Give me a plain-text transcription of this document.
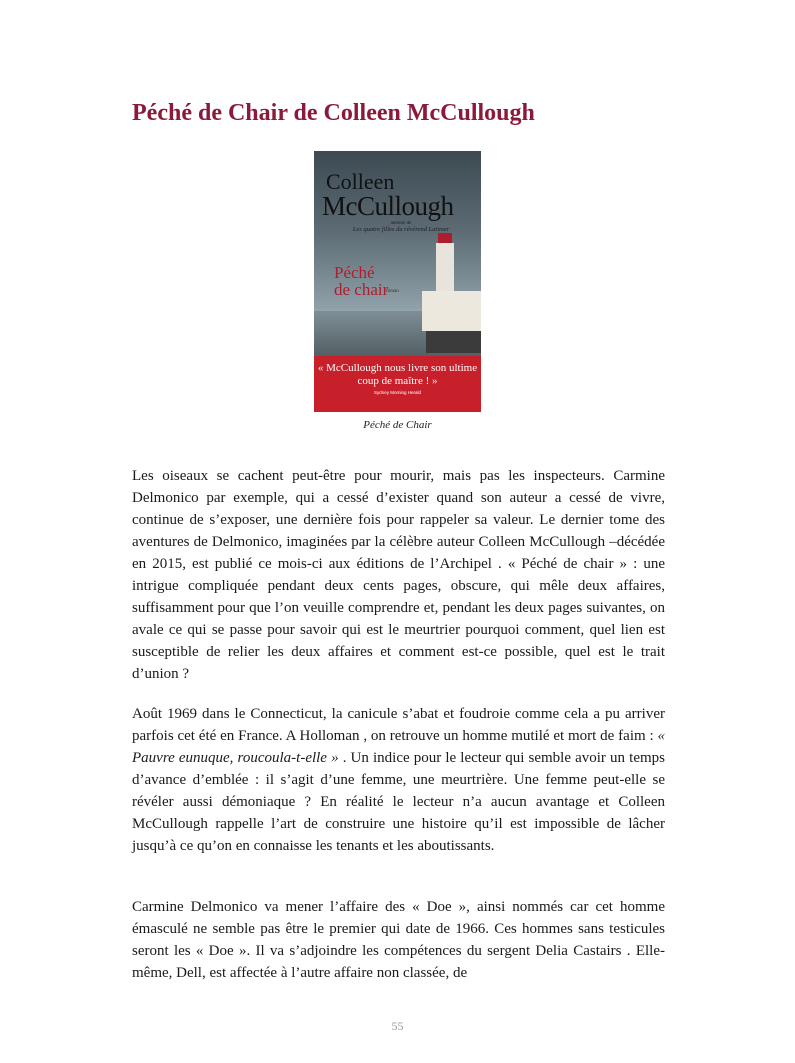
Péché de Chair de Colleen McCullough
Colleen
McCullough
auteure de
Les quatre filles du révérend Latimer
Péché
de chair
roman
« McCullough nous livre son ultime coup de maître ! »
Sydney Morning Herald
Péché de Chair

Les oiseaux se cachent peut-être pour mourir, mais pas les inspecteurs. Carmine Delmonico par exemple, qui a cessé d’exister quand son auteur a cessé de vivre, continue de s’exposer, une dernière fois pour rappeler sa valeur. Le dernier tome des aventures de Delmonico, imaginées par la célèbre auteur Colleen McCullough –décédée en 2015, est publié ce mois-ci aux éditions de l’Archipel . « Péché de chair » : une intrigue compliquée pendant deux cents pages, obscure, qui mêle deux affaires, suffisamment pour que l’on veuille comprendre et, pendant les deux pages suivantes, on avale ce qui se passe pour savoir qui est le meurtrier pourquoi comment, quel lien est susceptible de relier les deux affaires et comment est-ce possible, quel est le trait d’union ?

Août 1969 dans le Connecticut, la canicule s’abat et foudroie comme cela a pu arriver parfois cet été en France. A Holloman , on retrouve un homme mutilé et mort de faim : « Pauvre eunuque, roucoula-t-elle » . Un indice pour le lecteur qui semble avoir un temps d’avance d’emblée : il s’agit d’une femme, une meurtrière. Une femme peut-elle se révéler aussi démoniaque ? En réalité le lecteur n’a aucun avantage et Colleen McCullough rappelle l’art de construire une histoire qu’il est impossible de lâcher jusqu’à ce qu’on en connaisse les tenants et les aboutissants.

Carmine Delmonico va mener l’affaire des « Doe », ainsi nommés car cet homme émasculé ne semble pas être le premier qui date de 1966. Ces hommes sans testicules seront les « Doe ». Il va s’adjoindre les compétences du sergent Delia Castairs . Elle-même, Dell, est affectée à l’autre affaire non classée, de

55
